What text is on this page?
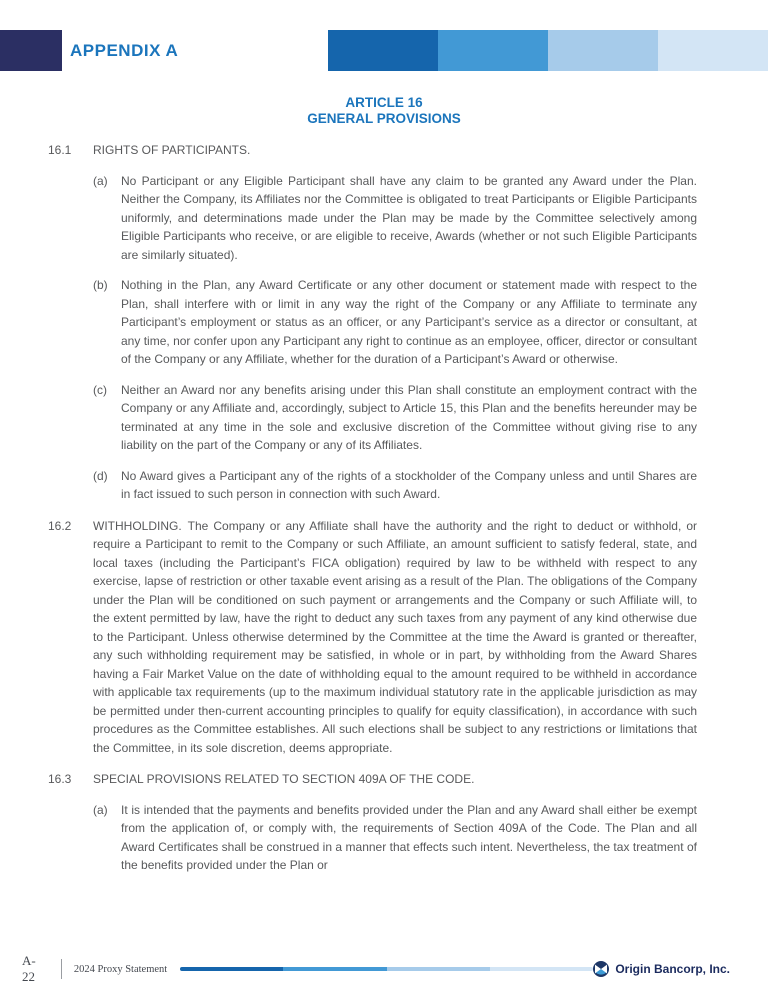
APPENDIX A
ARTICLE 16
GENERAL PROVISIONS
16.1	RIGHTS OF PARTICIPANTS.
(a)	No Participant or any Eligible Participant shall have any claim to be granted any Award under the Plan. Neither the Company, its Affiliates nor the Committee is obligated to treat Participants or Eligible Participants uniformly, and determinations made under the Plan may be made by the Committee selectively among Eligible Participants who receive, or are eligible to receive, Awards (whether or not such Eligible Participants are similarly situated).
(b)	Nothing in the Plan, any Award Certificate or any other document or statement made with respect to the Plan, shall interfere with or limit in any way the right of the Company or any Affiliate to terminate any Participant’s employment or status as an officer, or any Participant’s service as a director or consultant, at any time, nor confer upon any Participant any right to continue as an employee, officer, director or consultant of the Company or any Affiliate, whether for the duration of a Participant’s Award or otherwise.
(c)	Neither an Award nor any benefits arising under this Plan shall constitute an employment contract with the Company or any Affiliate and, accordingly, subject to Article 15, this Plan and the benefits hereunder may be terminated at any time in the sole and exclusive discretion of the Committee without giving rise to any liability on the part of the Company or any of its Affiliates.
(d)	No Award gives a Participant any of the rights of a stockholder of the Company unless and until Shares are in fact issued to such person in connection with such Award.
16.2	WITHHOLDING. The Company or any Affiliate shall have the authority and the right to deduct or withhold, or require a Participant to remit to the Company or such Affiliate, an amount sufficient to satisfy federal, state, and local taxes (including the Participant’s FICA obligation) required by law to be withheld with respect to any exercise, lapse of restriction or other taxable event arising as a result of the Plan. The obligations of the Company under the Plan will be conditioned on such payment or arrangements and the Company or such Affiliate will, to the extent permitted by law, have the right to deduct any such taxes from any payment of any kind otherwise due to the Participant. Unless otherwise determined by the Committee at the time the Award is granted or thereafter, any such withholding requirement may be satisfied, in whole or in part, by withholding from the Award Shares having a Fair Market Value on the date of withholding equal to the amount required to be withheld in accordance with applicable tax requirements (up to the maximum individual statutory rate in the applicable jurisdiction as may be permitted under then-current accounting principles to qualify for equity classification), in accordance with such procedures as the Committee establishes. All such elections shall be subject to any restrictions or limitations that the Committee, in its sole discretion, deems appropriate.

16.3	SPECIAL PROVISIONS RELATED TO SECTION 409A OF THE CODE.
(a)	It is intended that the payments and benefits provided under the Plan and any Award shall either be exempt from the application of, or comply with, the requirements of Section 409A of the Code. The Plan and all Award Certificates shall be construed in a manner that effects such intent. Nevertheless, the tax treatment of the benefits provided under the Plan or
A-22	2024 Proxy Statement	Origin Bancorp, Inc.
